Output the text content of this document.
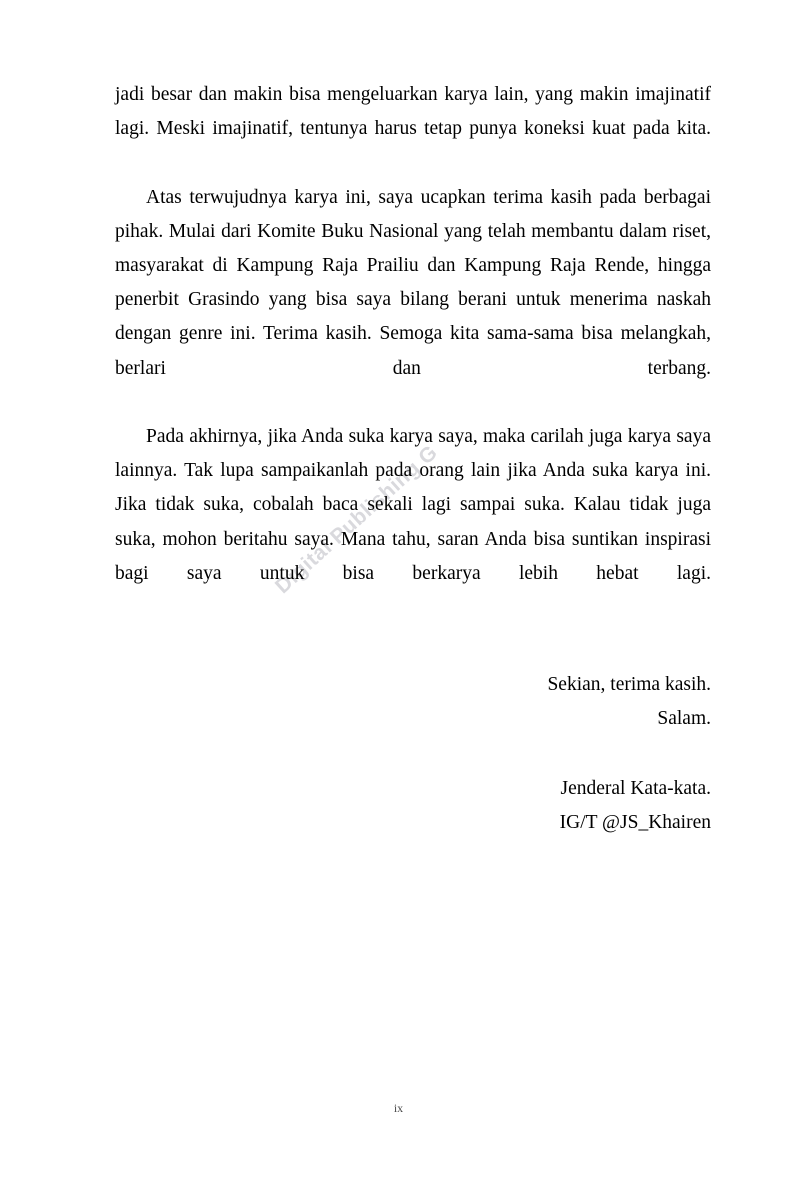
Digital Publishing G

jadi besar dan makin bisa mengeluarkan karya lain, yang makin imajinatif lagi. Meski imajinatif, tentunya harus tetap punya koneksi kuat pada kita.

Atas terwujudnya karya ini, saya ucapkan terima kasih pada berbagai pihak. Mulai dari Komite Buku Nasional yang telah membantu dalam riset, masyarakat di Kampung Raja Prailiu dan Kampung Raja Rende, hingga penerbit Grasindo yang bisa saya bilang berani untuk menerima naskah dengan genre ini. Terima kasih. Semoga kita sama-sama bisa melangkah, berlari dan terbang.

Pada akhirnya, jika Anda suka karya saya, maka carilah juga karya saya lainnya. Tak lupa sampaikanlah pada orang lain jika Anda suka karya ini. Jika tidak suka, cobalah baca sekali lagi sampai suka. Kalau tidak juga suka, mohon beritahu saya. Mana tahu, saran Anda bisa suntikan inspirasi bagi saya untuk bisa berkarya lebih hebat lagi.

Sekian, terima kasih.

Salam.

Jenderal Kata-kata.

IG/T @JS_Khairen

ix
